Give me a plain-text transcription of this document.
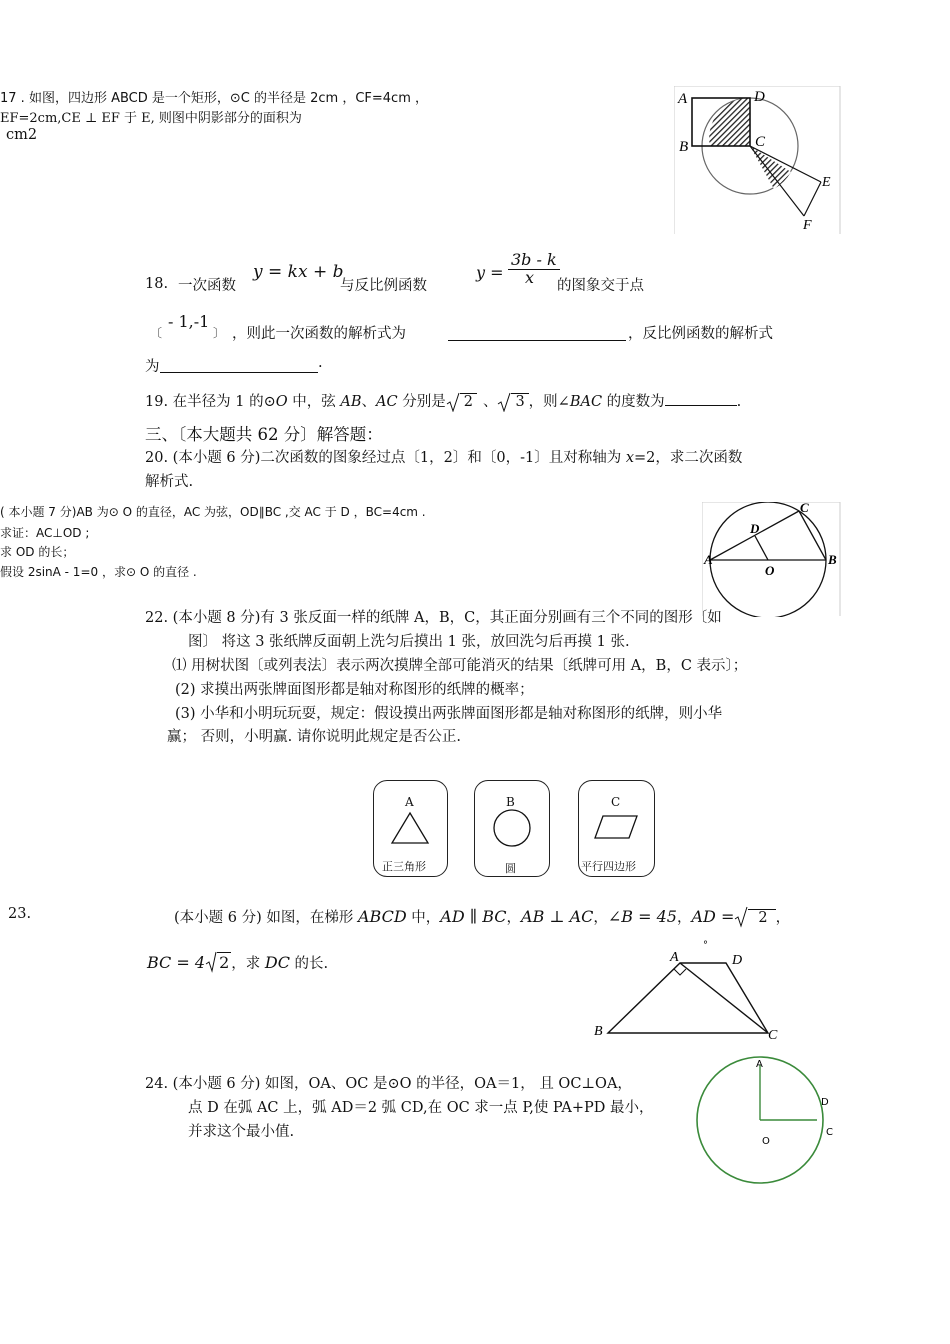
17 . 如图，四边形 ABCD 是一个矩形，⊙C 的半径是 2cm ，CF=4cm ，
EF=2cm,CE ⊥ EF 于 E, 则图中阴影部分的面积为
cm2
A	D
B	C
E
F
18. 一次函数
y = kx + b
与反比例函数
y =
3b - k
x 的图象交于点
〔
- 1,-1
〕 ，则此一次函数的解析式为	，反比例函数的解析式
为	.
19. 在半径为 1 的⊙O 中，弦 AB、AC 分别是 2 、 3 ，则∠BAC 的度数为	.
三、〔本大题共 62 分〕解答题：
20. (本小题 6 分)二次函数的图象经过点〔1，2〕和〔0，-1〕且对称轴为 x=2，求二次函数
解析式.
( 本小题 7 分)AB 为⊙ O 的直径，AC 为弦，OD∥BC ,交 AC 于 D ，BC=4cm .
求证：AC⊥OD ;
求 OD 的长；
假设 2sinA - 1=0 ，求⊙ O 的直径 .
A	B
C
D
O
22. (本小题 8 分)有 3 张反面一样的纸牌 A，B，C，其正面分别画有三个不同的图形〔如
图〕 将这 3 张纸牌反面朝上洗匀后摸出 1 张，放回洗匀后再摸 1 张.
⑴ 用树状图〔或列表法〕表示两次摸牌全部可能消灭的结果〔纸牌可用 A，B，C 表示〕；
(2) 求摸出两张牌面图形都是轴对称图形的纸牌的概率；
(3) 小华和小明玩玩耍，规定：假设摸出两张牌面图形都是轴对称图形的纸牌，则小华
赢； 否则，小明赢. 请你说明此规定是否公正.
A
正三角形
B
圆
C
平行四边形
23.	(本小题 6 分) 如图，在梯形 ABCD 中，AD ∥ BC，AB ⊥ AC，∠B = 45，AD = 2 ，
°
BC = 4 2 ，求 DC 的长.	A	D
B	C
24. (本小题 6 分) 如图，OA、OC 是⊙O 的半径，OA＝1， 且 OC⊥OA，
点 D 在弧 AC 上，弧 AD＝2 弧 CD,在 OC 求一点 P,使 PA+PD 最小，
并求这个最小值.
A
D
C
O
